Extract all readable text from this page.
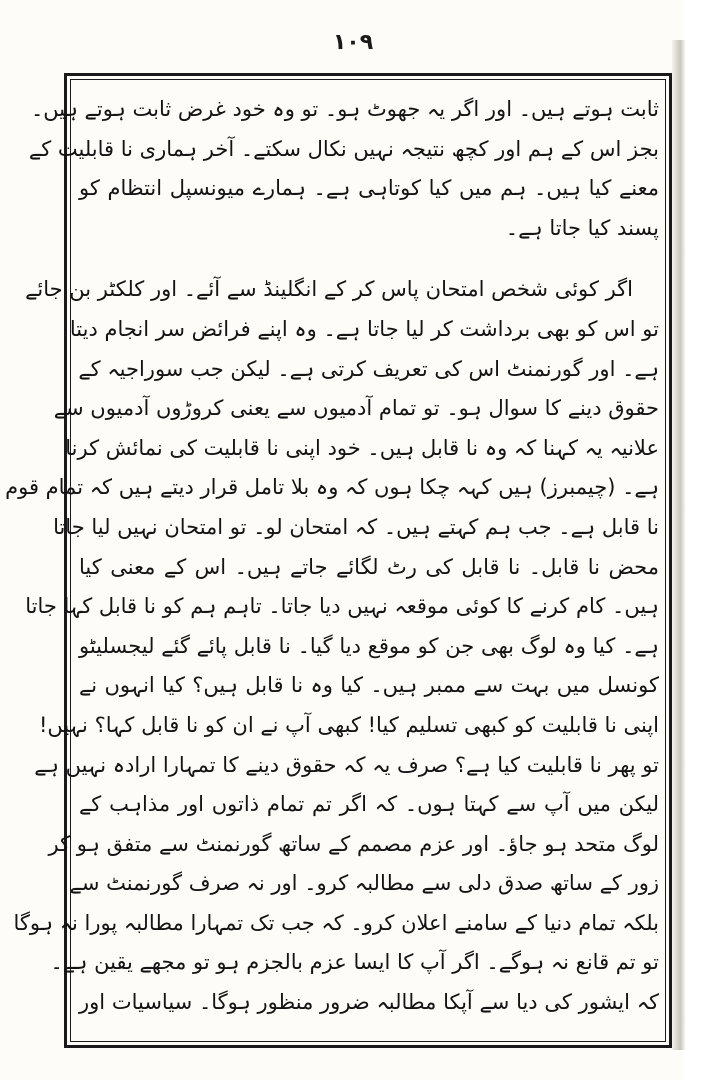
۱۰۹
ثابت ہوتے ہیں۔ اور اگر یہ جھوٹ ہو۔ تو وہ خود غرض ثابت ہوتے ہیں۔
بجز اس کے ہم اور کچھ نتیجہ نہیں نکال سکتے۔ آخر ہماری نا قابلیت کے
معنے کیا ہیں۔ ہم میں کیا کوتاہی ہے۔ ہمارے میونسپل انتظام کو
پسند کیا جاتا ہے۔
اگر کوئی شخص امتحان پاس کر کے انگلینڈ سے آئے۔ اور کلکٹر بن جائے
تو اس کو بھی برداشت کر لیا جاتا ہے۔ وہ اپنے فرائض سر انجام دیتا
ہے۔ اور گورنمنٹ اس کی تعریف کرتی ہے۔ لیکن جب سوراجیہ کے
حقوق دینے کا سوال ہو۔ تو تمام آدمیوں سے یعنی کروڑوں آدمیوں سے
علانیہ یہ کہنا کہ وہ نا قابل ہیں۔ خود اپنی نا قابلیت کی نمائش کرنا
ہے۔ (چیمبرز) ہیں کہہ چکا ہوں کہ وہ بلا تامل قرار دیتے ہیں کہ تمام قوم
نا قابل ہے۔ جب ہم کہتے ہیں۔ کہ امتحان لو۔ تو امتحان نہیں لیا جاتا
محض نا قابل۔ نا قابل کی رٹ لگائے جاتے ہیں۔ اس کے معنی کیا
ہیں۔ کام کرنے کا کوئی موقعہ نہیں دیا جاتا۔ تاہم ہم کو نا قابل کہا جاتا
ہے۔ کیا وہ لوگ بھی جن کو موقع دیا گیا۔ نا قابل پائے گئے لیجسلیٹو
کونسل میں بہت سے ممبر ہیں۔ کیا وہ نا قابل ہیں؟ کیا انہوں نے
اپنی نا قابلیت کو کبھی تسلیم کیا! کبھی آپ نے ان کو نا قابل کہا؟ نہیں!
تو پھر نا قابلیت کیا ہے؟ صرف یہ کہ حقوق دینے کا تمہارا ارادہ نہیں ہے
لیکن میں آپ سے کہتا ہوں۔ کہ اگر تم تمام ذاتوں اور مذاہب کے
لوگ متحد ہو جاؤ۔ اور عزم مصمم کے ساتھ گورنمنٹ سے متفق ہو کر
زور کے ساتھ صدق دلی سے مطالبہ کرو۔ اور نہ صرف گورنمنٹ سے
بلکہ تمام دنیا کے سامنے اعلان کرو۔ کہ جب تک تمہارا مطالبہ پورا نہ ہوگا
تو تم قانع نہ ہوگے۔ اگر آپ کا ایسا عزم بالجزم ہو تو مجھے یقین ہے۔
کہ ایشور کی دیا سے آپکا مطالبہ ضرور منظور ہوگا۔ سیاسیات اور
